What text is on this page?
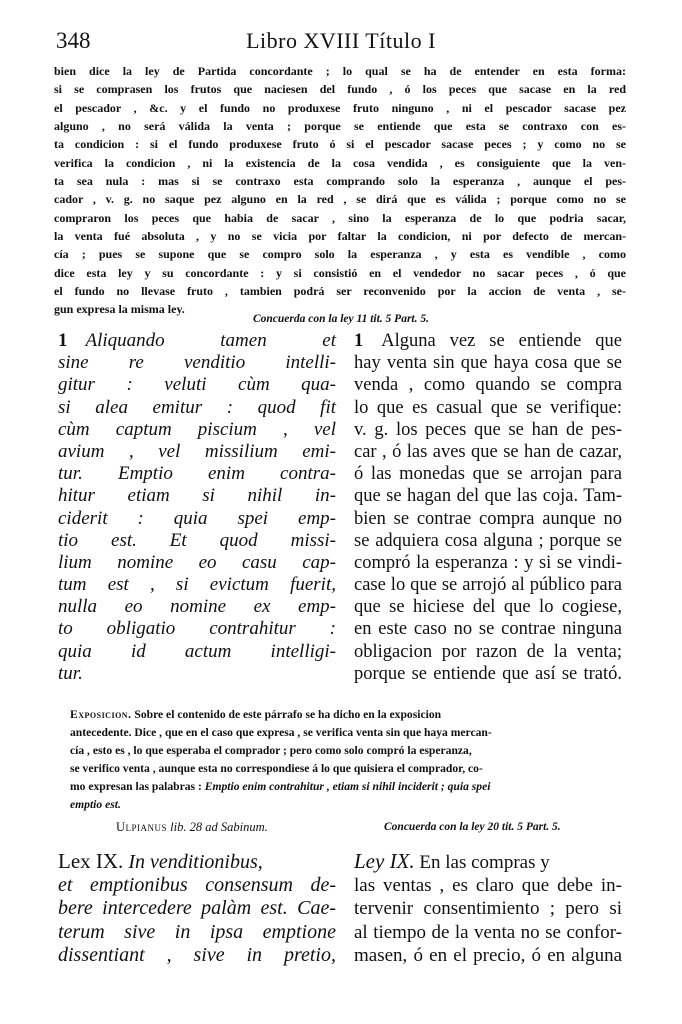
348	Libro XVIII Título I
bien dice la ley de Partida concordante ; lo qual se ha de entender en esta forma:
si se comprasen los frutos que naciesen del fundo , ó los peces que sacase en la red
el pescador , &c. y el fundo no produxese fruto ninguno , ni el pescador sacase pez
alguno , no será válida la venta ; porque se entiende que esta se contraxo con es-
ta condicion : si el fundo produxese fruto ó si el pescador sacase peces ; y como no se
verifica la condicion , ni la existencia de la cosa vendida , es consiguiente que la ven-
ta sea nula : mas si se contraxo esta comprando solo la esperanza , aunque el pes-
cador , v. g. no saque pez alguno en la red , se dirá que es válida ; porque como no se
compraron los peces que habia de sacar , sino la esperanza de lo que podria sacar,
la venta fué absoluta , y no se vicia por faltar la condicion, ni por defecto de mercan-
cía ; pues se supone que se compro solo la esperanza , y esta es vendible , como
dice esta ley y su concordante : y si consistió en el vendedor no sacar peces , ó que
el fundo no llevase fruto , tambien podrá ser reconvenido por la accion de venta , se-
gun expresa la misma ley.
Concuerda con la ley 11 tit. 5 Part. 5.
1 Aliquando tamen et
sine re venditio intelli-
gitur : veluti cùm qua-
si alea emitur : quod fit
cùm captum piscium , vel
avium , vel missilium emi-
tur. Emptio enim contra-
hitur etiam si nihil in-
ciderit : quia spei emp-
tio est. Et quod missi-
lium nomine eo casu cap-
tum est , si evictum fuerit,
nulla eo nomine ex emp-
to obligatio contrahitur :
quia id actum intelligi-
tur.
1 Alguna vez se entiende que
hay venta sin que haya cosa que se
venda , como quando se compra
lo que es casual que se verifique:
v. g. los peces que se han de pes-
car , ó las aves que se han de cazar,
ó las monedas que se arrojan para
que se hagan del que las coja. Tam-
bien se contrae compra aunque no
se adquiera cosa alguna ; porque se
compró la esperanza : y si se vindi-
case lo que se arrojó al público para
que se hiciese del que lo cogiese,
en este caso no se contrae ninguna
obligacion por razon de la venta;
porque se entiende que así se trató.
Exposicion. Sobre el contenido de este párrafo se ha dicho en la exposicion
antecedente. Dice , que en el caso que expresa , se verifica venta sin que haya mercan-
cía , esto es , lo que esperaba el comprador ; pero como solo compró la esperanza,
se verifico venta , aunque esta no correspondiese á lo que quisiera el comprador, co-
mo expresan las palabras : Emptio enim contrahitur , etiam si nihil inciderit ; quia spei
emptio est.
Ulpianus lib. 28 ad Sabinum.	Concuerda con la ley 20 tit. 5 Part. 5.
Lex IX. In venditionibus,
et emptionibus consensum de-
bere intercedere palàm est. Cae-
terum sive in ipsa emptione
dissentiant , sive in pretio,
Ley IX. En las compras y
las ventas , es claro que debe in-
tervenir consentimiento ; pero si
al tiempo de la venta no se confor-
masen, ó en el precio, ó en alguna
